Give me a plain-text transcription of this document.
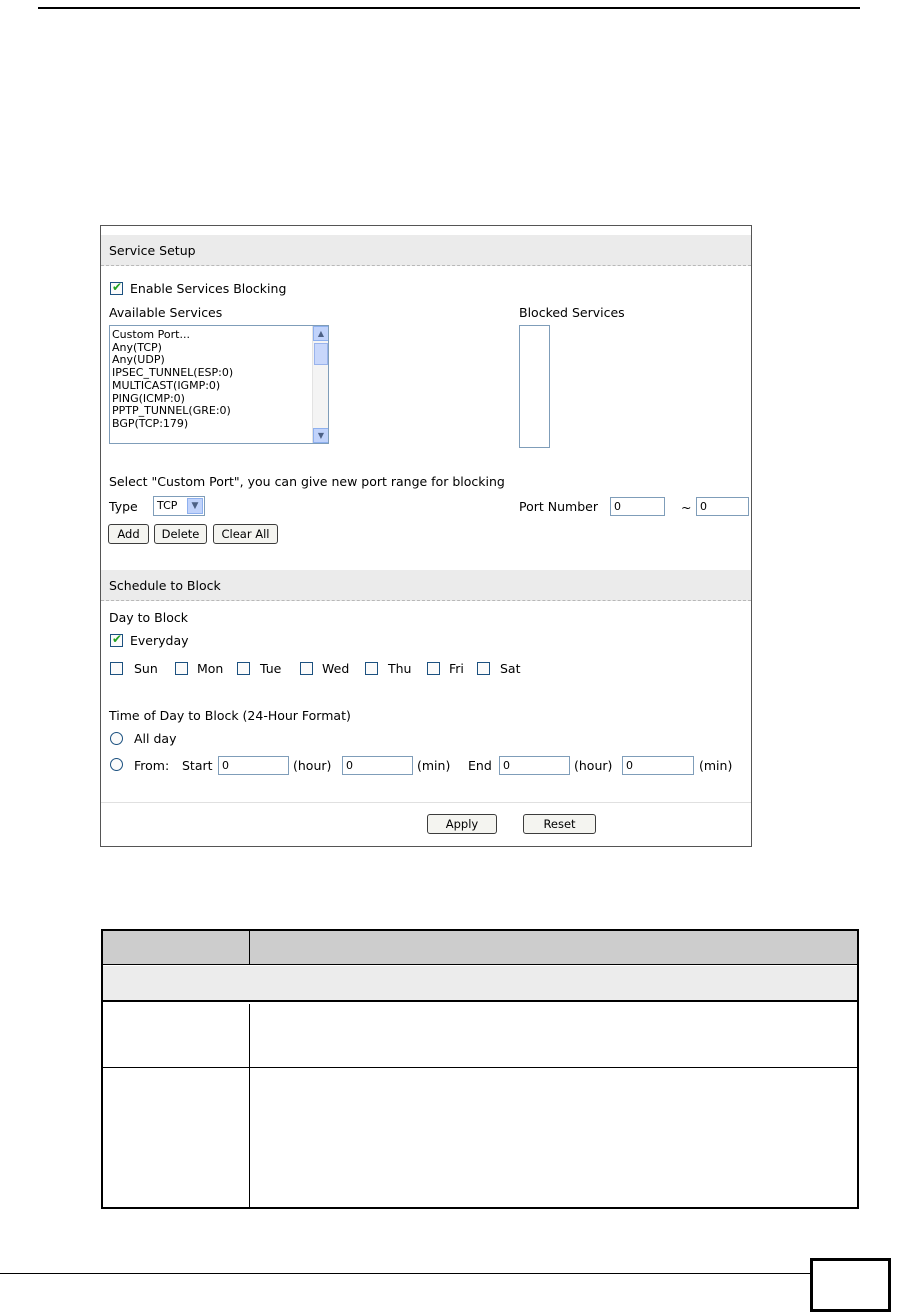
Service Setup
✔
Enable Services Blocking
Available Services	Blocked Services
▲
▼
Custom Port...
Any(TCP)
Any(UDP)
IPSEC_TUNNEL(ESP:0)
MULTICAST(IGMP:0)
PING(ICMP:0)
PPTP_TUNNEL(GRE:0)
BGP(TCP:179)
Select "Custom Port", you can give new port range for blocking
Type	TCP	▼	Port Number	0	~ 0
Add	Delete	Clear All
Schedule to Block
Day to Block
✔
Everyday
Sun	Mon	Tue	Wed	Thu	Fri	Sat
Time of Day to Block (24-Hour Format)
All day
From: Start 0	(hour)	0	(min) End	0	(hour)	0	(min)
Apply	Reset
